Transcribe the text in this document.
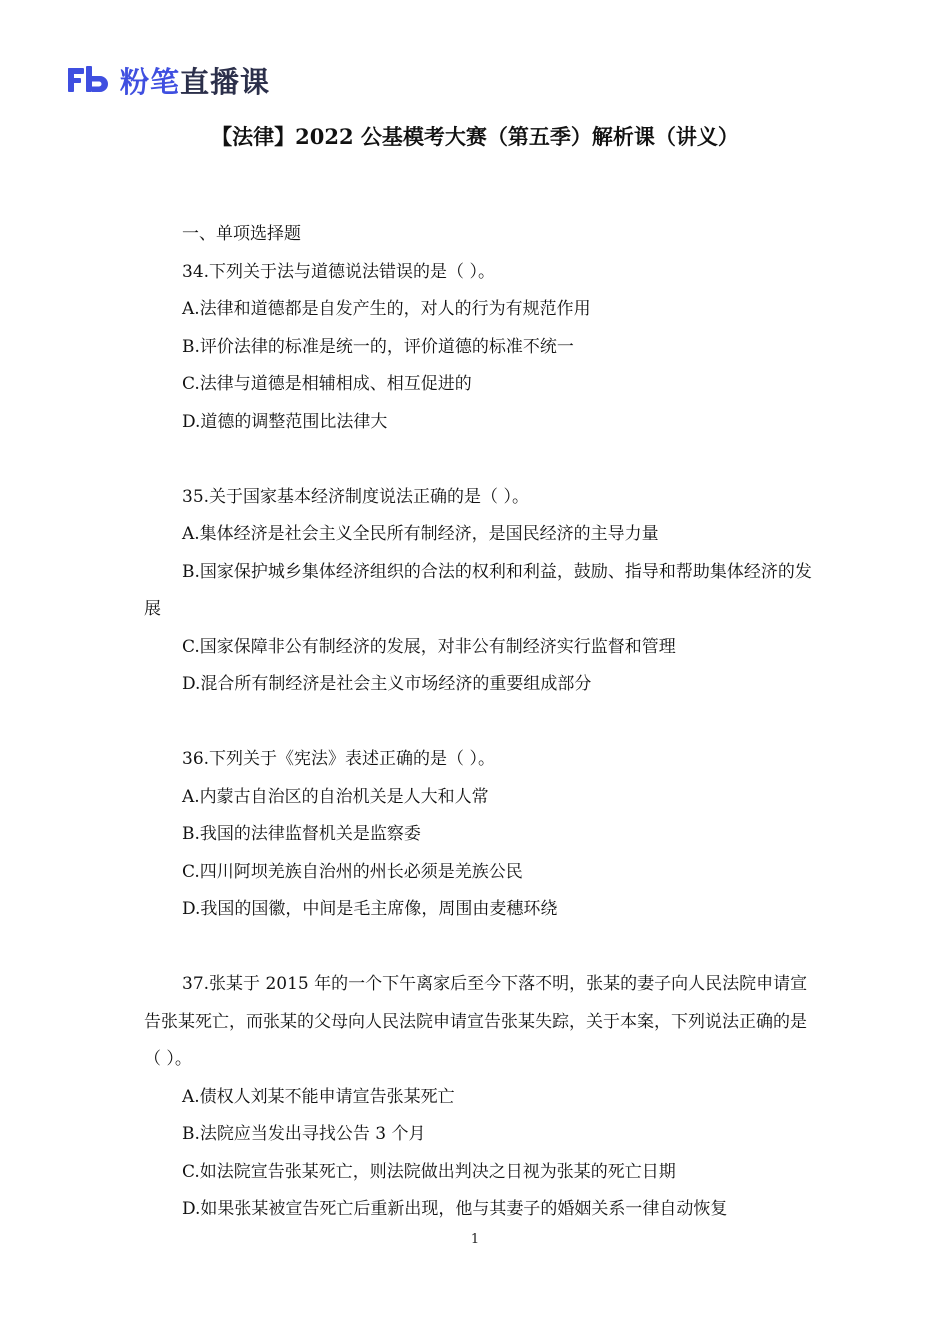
粉笔直播课
【法律】2022 公基模考大赛（第五季）解析课（讲义）

一、单项选择题

34.下列关于法与道德说法错误的是（ ）。

A.法律和道德都是自发产生的，对人的行为有规范作用

B.评价法律的标准是统一的，评价道德的标准不统一

C.法律与道德是相辅相成、相互促进的

D.道德的调整范围比法律大

35.关于国家基本经济制度说法正确的是（ ）。

A.集体经济是社会主义全民所有制经济，是国民经济的主导力量

B.国家保护城乡集体经济组织的合法的权利和利益，鼓励、指导和帮助集体经济的发展

C.国家保障非公有制经济的发展，对非公有制经济实行监督和管理

D.混合所有制经济是社会主义市场经济的重要组成部分

36.下列关于《宪法》表述正确的是（ ）。

A.内蒙古自治区的自治机关是人大和人常

B.我国的法律监督机关是监察委

C.四川阿坝羌族自治州的州长必须是羌族公民

D.我国的国徽，中间是毛主席像，周围由麦穗环绕

37.张某于 2015 年的一个下午离家后至今下落不明，张某的妻子向人民法院申请宣告张某死亡，而张某的父母向人民法院申请宣告张某失踪，关于本案，下列说法正确的是（ ）。

A.债权人刘某不能申请宣告张某死亡

B.法院应当发出寻找公告 3 个月

C.如法院宣告张某死亡，则法院做出判决之日视为张某的死亡日期

D.如果张某被宣告死亡后重新出现，他与其妻子的婚姻关系一律自动恢复

1
